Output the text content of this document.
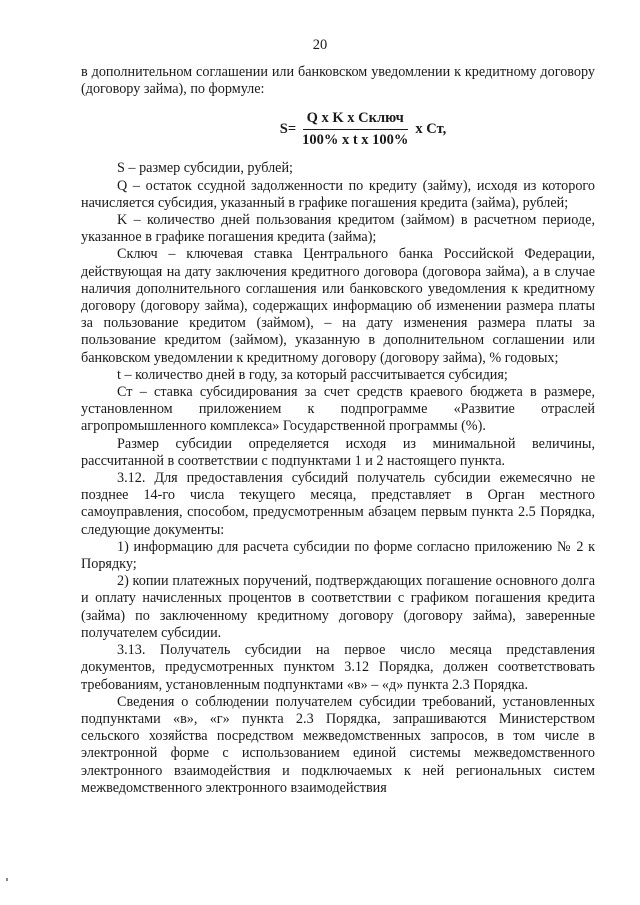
20

в дополнительном соглашении или банковском уведомлении к кредитному договору (договору займа), по формуле:

$S= \frac{\text{Q x K x Cключ}}{\text{100\% x t x 100\%}}$ x Ст,

S – размер субсидии, рублей;

Q – остаток ссудной задолженности по кредиту (займу), исходя из которого начисляется субсидия, указанный в графике погашения кредита (займа), рублей;

K – количество дней пользования кредитом (займом) в расчетном периоде, указанное в графике погашения кредита (займа);

Сключ – ключевая ставка Центрального банка Российской Федерации, действующая на дату заключения кредитного договора (договора займа), а в случае наличия дополнительного соглашения или банковского уведомления к кредитному договору (договору займа), содержащих информацию об изменении размера платы за пользование кредитом (займом), – на дату изменения размера платы за пользование кредитом (займом), указанную в дополнительном соглашении или банковском уведомлении к кредитному договору (договору займа), % годовых;

t – количество дней в году, за который рассчитывается субсидия;

Ст – ставка субсидирования за счет средств краевого бюджета в размере, установленном приложением к подпрограмме «Развитие отраслей агропромышленного комплекса» Государственной программы (%).

Размер субсидии определяется исходя из минимальной величины, рассчитанной в соответствии с подпунктами 1 и 2 настоящего пункта.

3.12. Для предоставления субсидий получатель субсидии ежемесячно не позднее 14-го числа текущего месяца, представляет в Орган местного самоуправления, способом, предусмотренным абзацем первым пункта 2.5 Порядка, следующие документы:

1) информацию для расчета субсидии по форме согласно приложению № 2 к Порядку;

2) копии платежных поручений, подтверждающих погашение основного долга и оплату начисленных процентов в соответствии с графиком погашения кредита (займа) по заключенному кредитному договору (договору займа), заверенные получателем субсидии.

3.13. Получатель субсидии на первое число месяца представления документов, предусмотренных пунктом 3.12 Порядка, должен соответствовать требованиям, установленным подпунктами «в» – «д» пункта 2.3 Порядка.

Сведения о соблюдении получателем субсидии требований, установленных подпунктами «в», «г» пункта 2.3 Порядка, запрашиваются Министерством сельского хозяйства посредством межведомственных запросов, в том числе в электронной форме с использованием единой системы межведомственного электронного взаимодействия и подключаемых к ней региональных систем межведомственного электронного взаимодействия
